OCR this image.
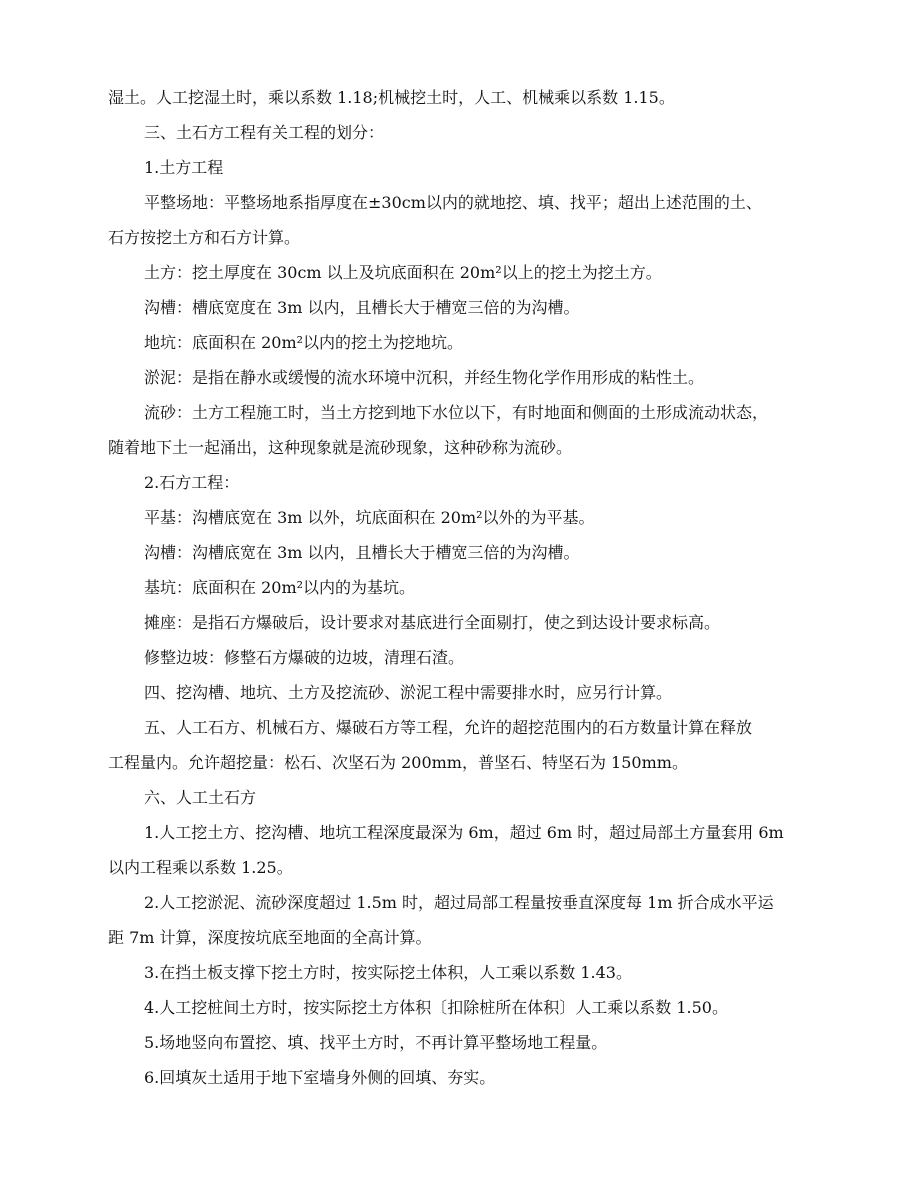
湿土。人工挖湿土时，乘以系数 1.18;机械挖土时，人工、机械乘以系数 1.15。
三、土石方工程有关工程的划分：
1.土方工程
平整场地：平整场地系指厚度在±30cm以内的就地挖、填、找平；超出上述范围的土、
石方按挖土方和石方计算。
土方：挖土厚度在 30cm 以上及坑底面积在 20m²以上的挖土为挖土方。
沟槽：槽底宽度在 3m 以内，且槽长大于槽宽三倍的为沟槽。
地坑：底面积在 20m²以内的挖土为挖地坑。
淤泥：是指在静水或缓慢的流水环境中沉积，并经生物化学作用形成的粘性土。
流砂：土方工程施工时，当土方挖到地下水位以下，有时地面和侧面的土形成流动状态，
随着地下土一起涌出，这种现象就是流砂现象，这种砂称为流砂。
2.石方工程：
平基：沟槽底宽在 3m 以外，坑底面积在 20m²以外的为平基。
沟槽：沟槽底宽在 3m 以内，且槽长大于槽宽三倍的为沟槽。
基坑：底面积在 20m²以内的为基坑。
摊座：是指石方爆破后，设计要求对基底进行全面剔打，使之到达设计要求标高。
修整边坡：修整石方爆破的边坡，清理石渣。
四、挖沟槽、地坑、土方及挖流砂、淤泥工程中需要排水时，应另行计算。
五、人工石方、机械石方、爆破石方等工程，允许的超挖范围内的石方数量计算在释放
工程量内。允许超挖量：松石、次坚石为 200mm，普坚石、特坚石为 150mm。
六、人工土石方
1.人工挖土方、挖沟槽、地坑工程深度最深为 6m，超过 6m 时，超过局部土方量套用 6m
以内工程乘以系数 1.25。
2.人工挖淤泥、流砂深度超过 1.5m 时，超过局部工程量按垂直深度每 1m 折合成水平运
距 7m 计算，深度按坑底至地面的全高计算。
3.在挡土板支撑下挖土方时，按实际挖土体积，人工乘以系数 1.43。
4.人工挖桩间土方时，按实际挖土方体积〔扣除桩所在体积〕人工乘以系数 1.50。
5.场地竖向布置挖、填、找平土方时，不再计算平整场地工程量。
6.回填灰土适用于地下室墙身外侧的回填、夯实。
